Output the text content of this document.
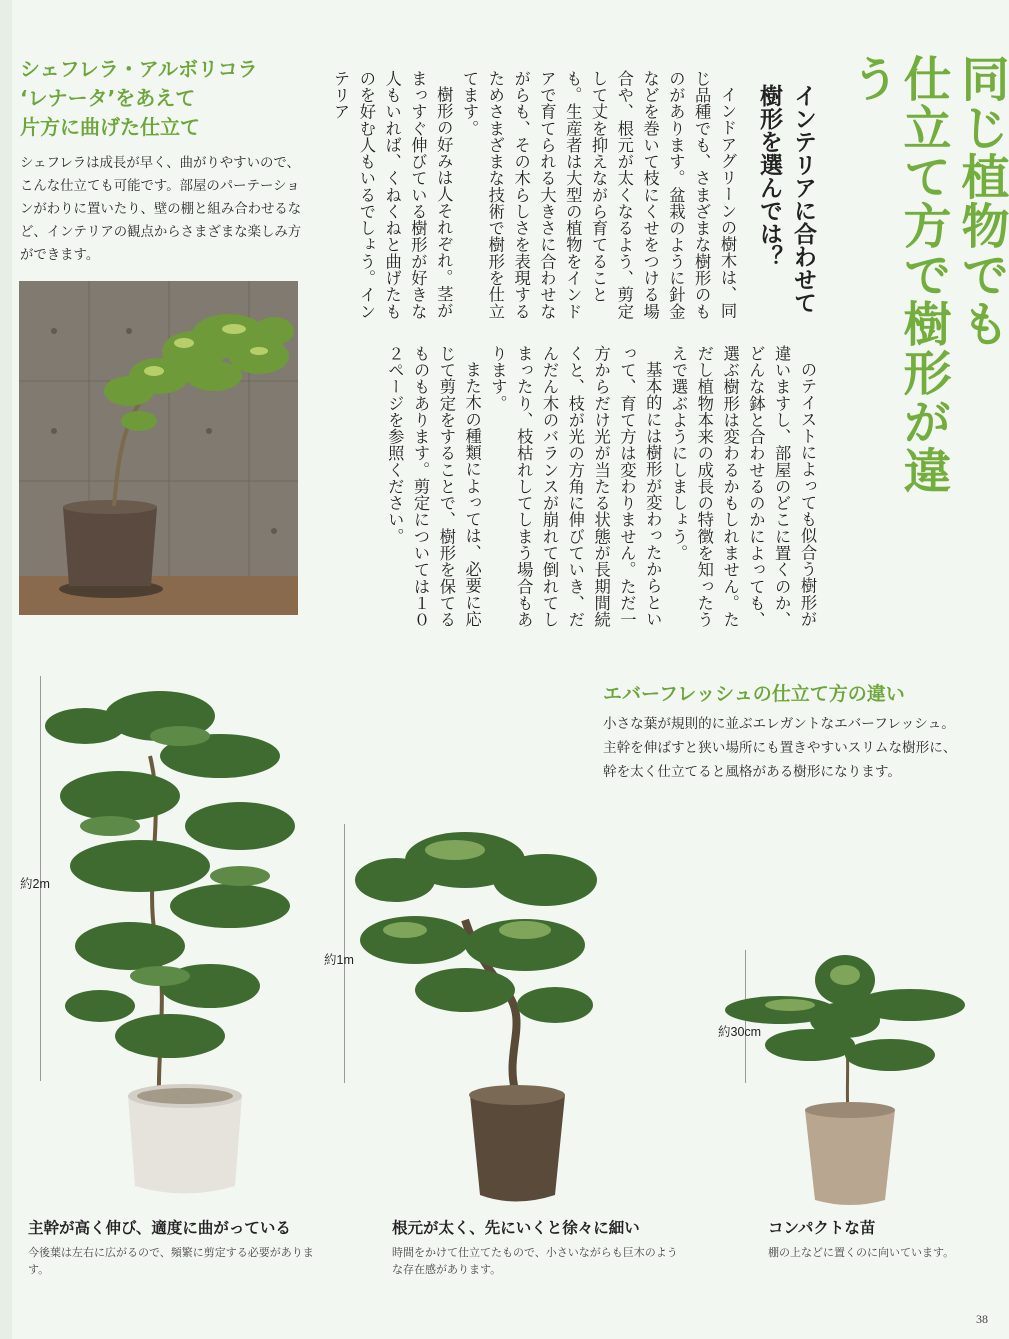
同じ植物でも
仕立て方で樹形が違う
インテリアに合わせて
樹形を選んでは？

インドアグリーンの樹木は、同じ品種でも、さまざまな樹形のものがあります。盆栽のように針金などを巻いて枝にくせをつける場合や、根元が太くなるよう、剪定して丈を抑えながら育てることも。生産者は大型の植物をインドアで育てられる大きさに合わせながらも、その木らしさを表現するためさまざまな技術で樹形を仕立てます。

樹形の好みは人それぞれ。茎がまっすぐ伸びている樹形が好きな人もいれば、くねくねと曲げたものを好む人もいるでしょう。インテリア

のテイストによっても似合う樹形が違いますし、部屋のどこに置くのか、どんな鉢と合わせるのかによっても、選ぶ樹形は変わるかもしれません。ただし植物本来の成長の特徴を知ったうえで選ぶようにしましょう。

基本的には樹形が変わったからといって、育て方は変わりません。ただ一方からだけ光が当たる状態が長期間続くと、枝が光の方角に伸びていき、だんだん木のバランスが崩れて倒れてしまったり、枝枯れしてしまう場合もあります。

また木の種類によっては、必要に応じて剪定をすることで、樹形を保てるものもあります。剪定については１０２ページを参照ください。

シェフレラ・アルボリコラ
‘レナータ’をあえて
片方に曲げた仕立て
シェフレラは成長が早く、曲がりやすいので、こんな仕立ても可能です。部屋のパーテーションがわりに置いたり、壁の棚と組み合わせるなど、インテリアの観点からさまざまな楽しみ方ができます。
エバーフレッシュの仕立て方の違い
小さな葉が規則的に並ぶエレガントなエバーフレッシュ。主幹を伸ばすと狭い場所にも置きやすいスリムな樹形に、幹を太く仕立てると風格がある樹形になります。
約2m
主幹が高く伸び、適度に曲がっている
今後葉は左右に広がるので、頻繁に剪定する必要があります。
約1m
根元が太く、先にいくと徐々に細い
時間をかけて仕立てたもので、小さいながらも巨木のような存在感があります。
約30cm
コンパクトな苗
棚の上などに置くのに向いています。
38
